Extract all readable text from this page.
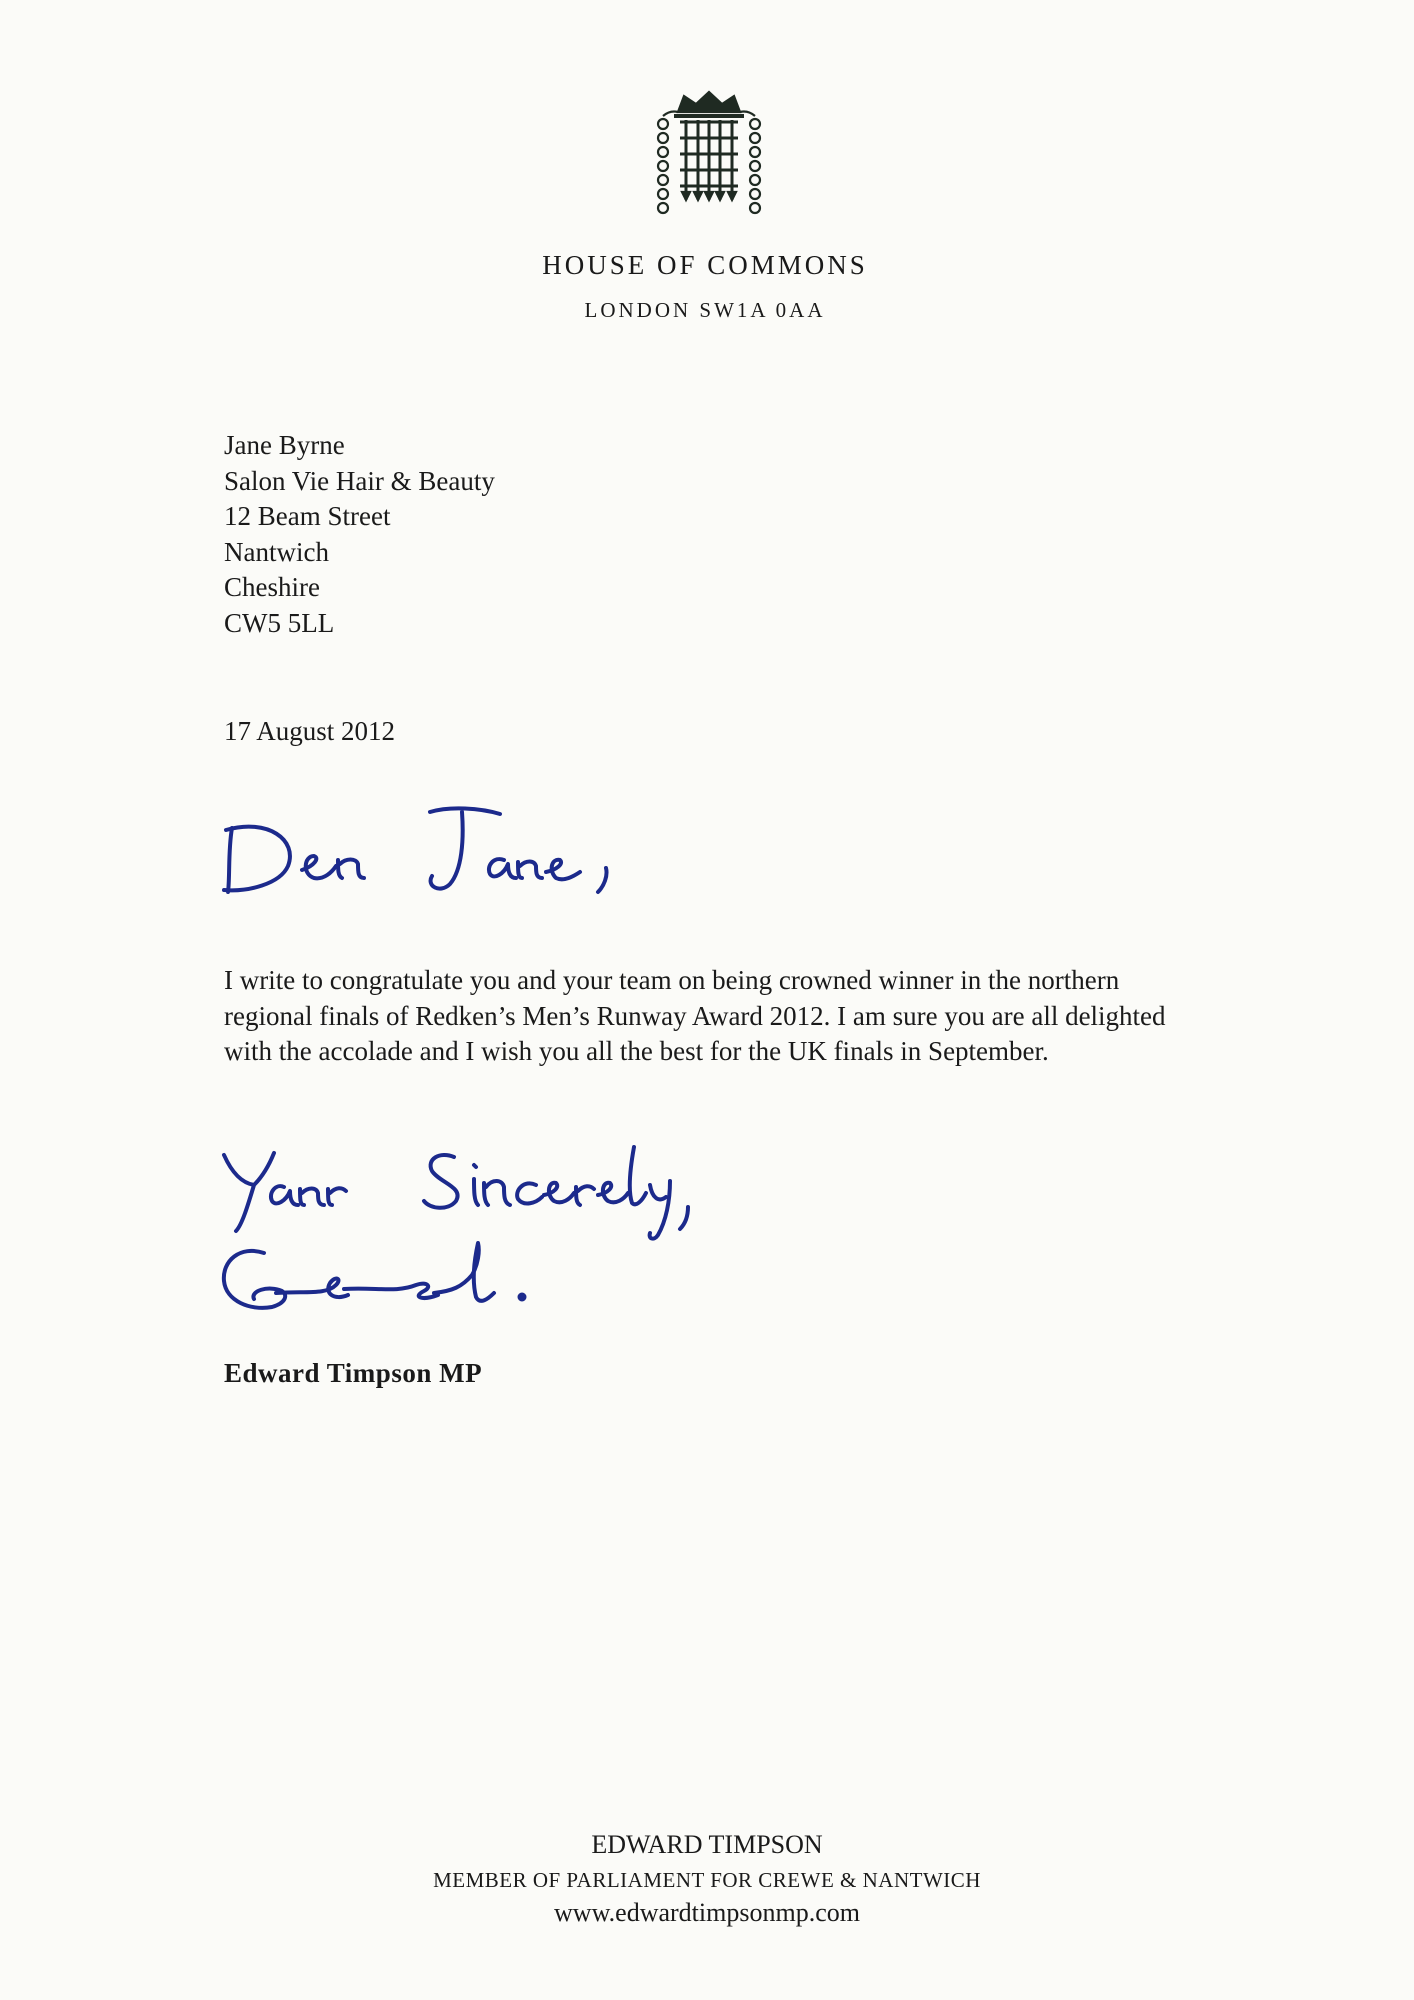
HOUSE OF COMMONS
LONDON SW1A 0AA
Jane Byrne
Salon Vie Hair & Beauty
12 Beam Street
Nantwich
Cheshire
CW5 5LL
17 August 2012

I write to congratulate you and your team on being crowned winner in the northern regional finals of Redken’s Men’s Runway Award 2012. I am sure you are all delighted with the accolade and I wish you all the best for the UK finals in September.

Edward Timpson MP
EDWARD TIMPSON
MEMBER OF PARLIAMENT FOR CREWE & NANTWICH
www.edwardtimpsonmp.com
